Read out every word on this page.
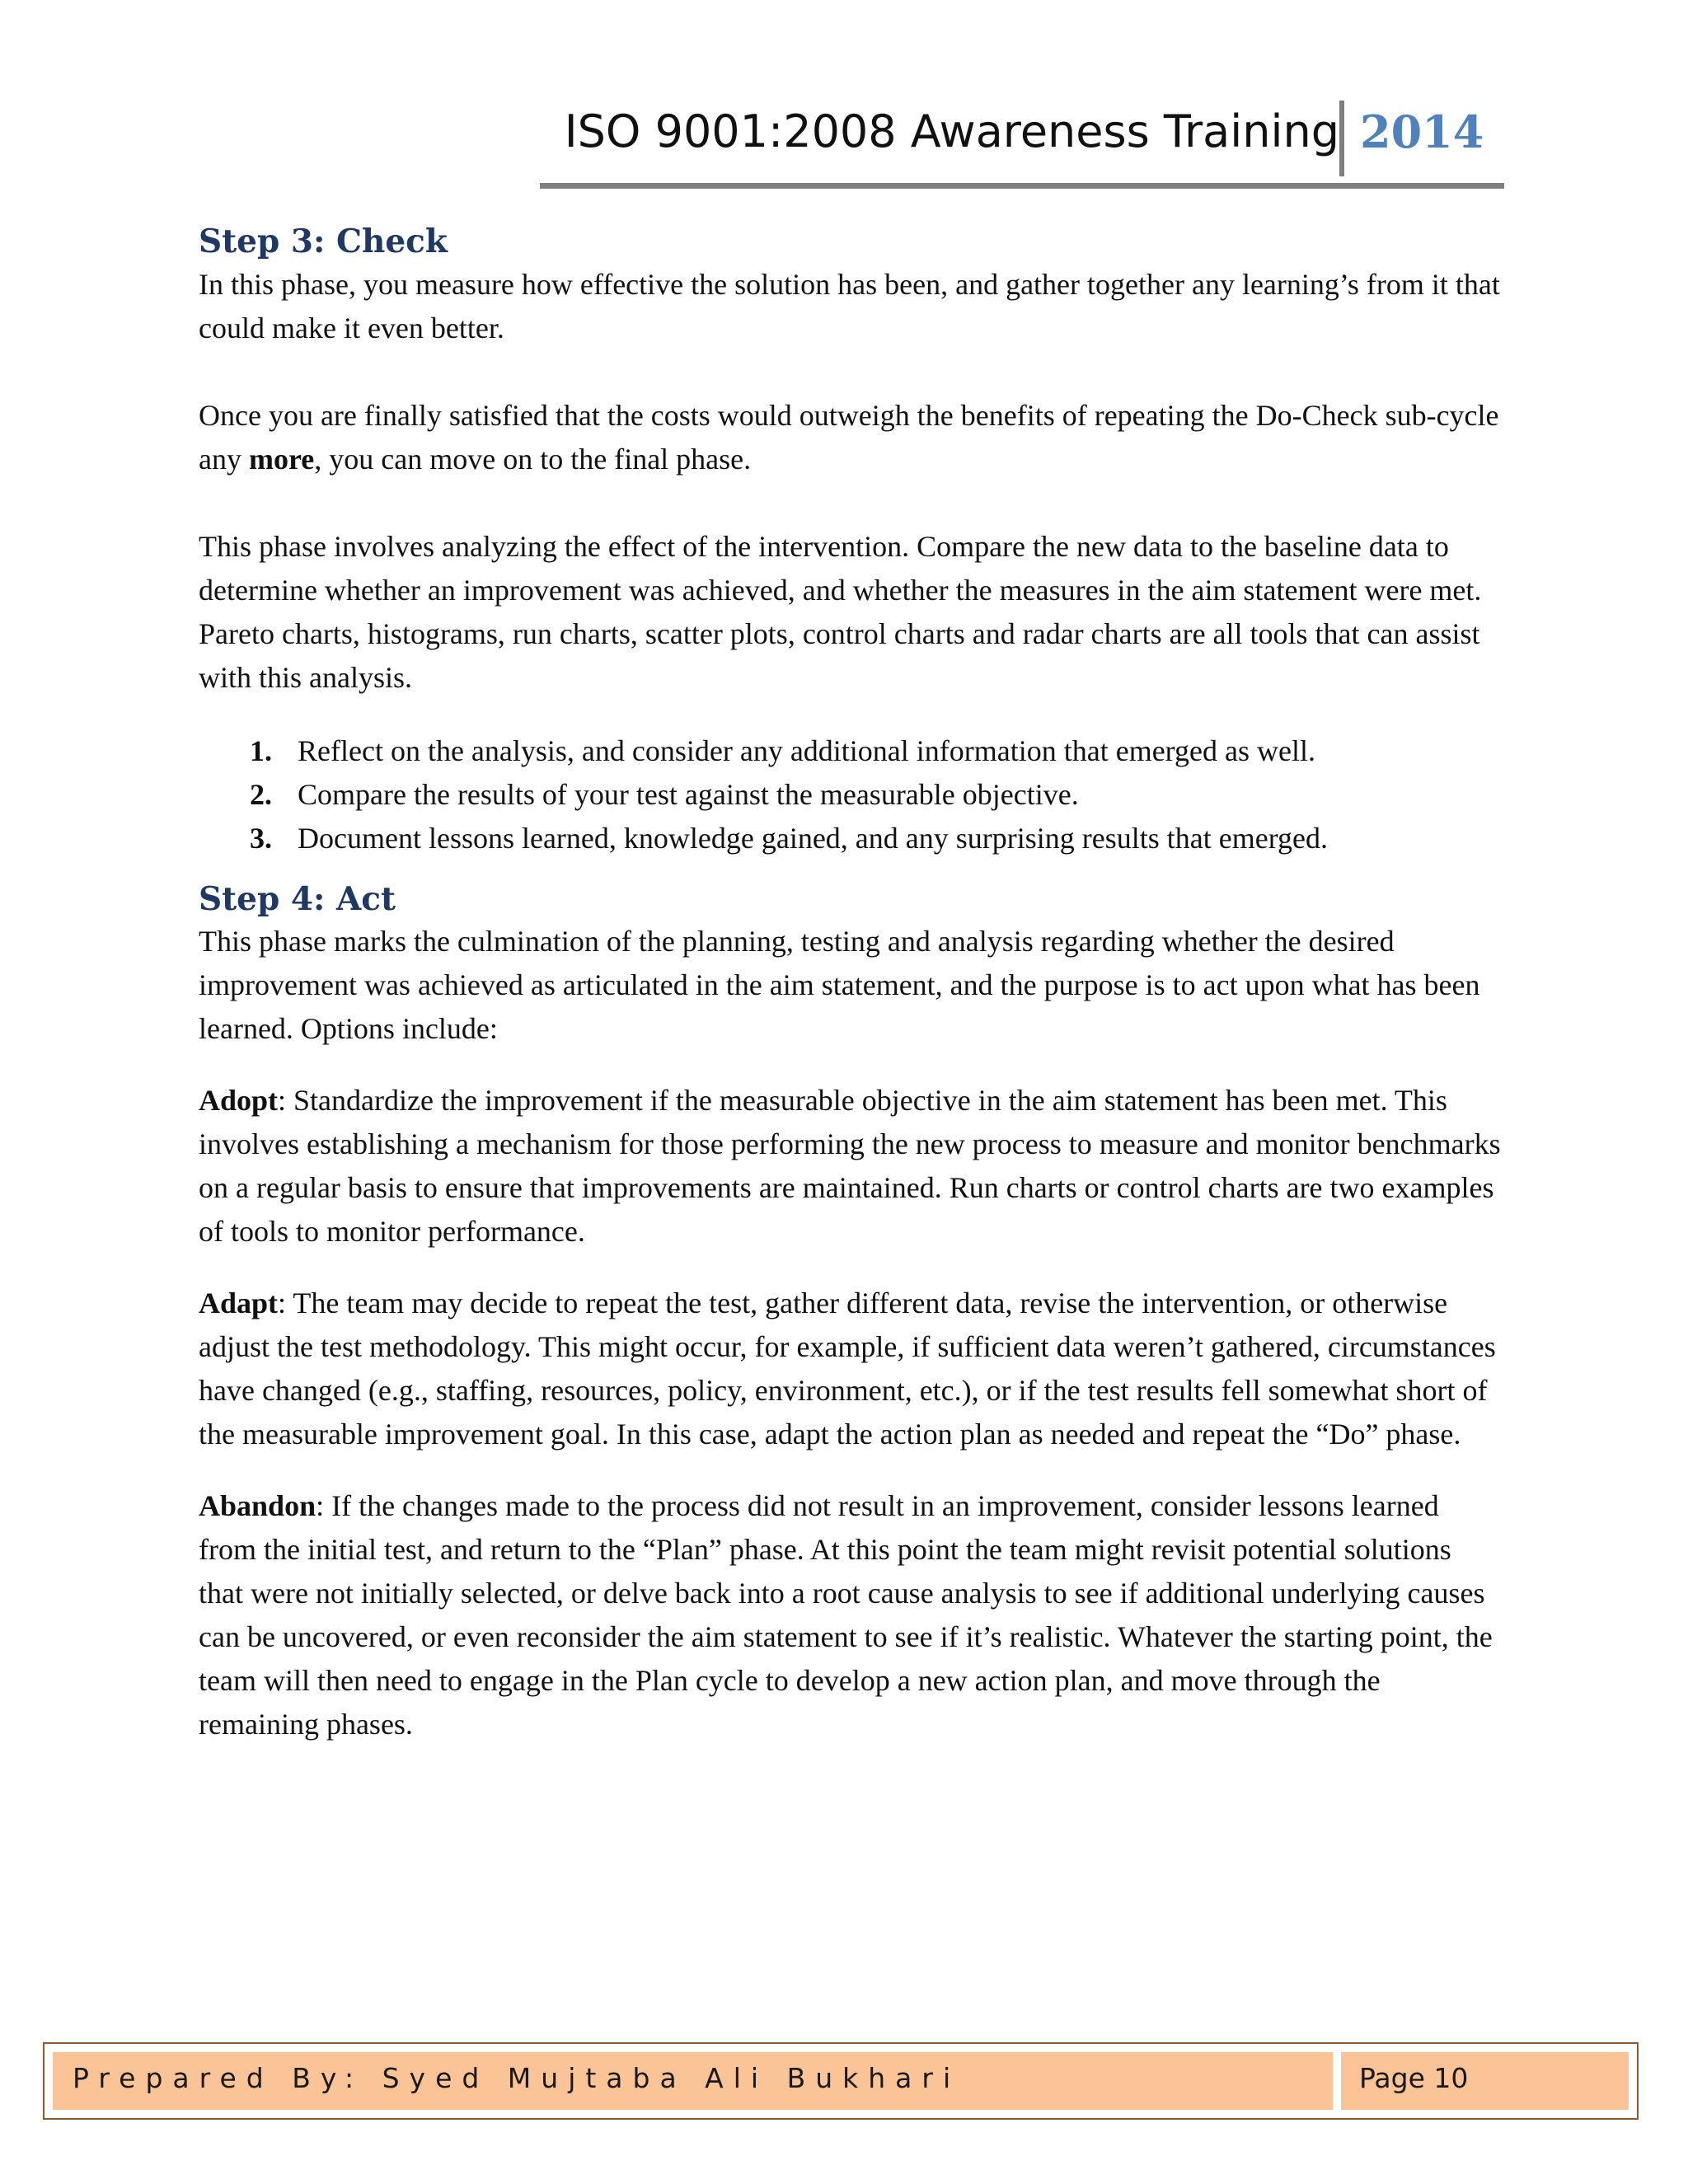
ISO 9001:2008 Awareness Training 2014
Step 3: Check

In this phase, you measure how effective the solution has been, and gather together any learning’s from it that could make it even better.

Once you are finally satisfied that the costs would outweigh the benefits of repeating the Do-Check sub-cycle any more, you can move on to the final phase.

This phase involves analyzing the effect of the intervention. Compare the new data to the baseline data to determine whether an improvement was achieved, and whether the measures in the aim statement were met. Pareto charts, histograms, run charts, scatter plots, control charts and radar charts are all tools that can assist with this analysis.

1. Reflect on the analysis, and consider any additional information that emerged as well.
2. Compare the results of your test against the measurable objective.
3. Document lessons learned, knowledge gained, and any surprising results that emerged.
Step 4: Act

This phase marks the culmination of the planning, testing and analysis regarding whether the desired improvement was achieved as articulated in the aim statement, and the purpose is to act upon what has been learned. Options include:

Adopt: Standardize the improvement if the measurable objective in the aim statement has been met. This involves establishing a mechanism for those performing the new process to measure and monitor benchmarks on a regular basis to ensure that improvements are maintained. Run charts or control charts are two examples of tools to monitor performance.

Adapt: The team may decide to repeat the test, gather different data, revise the intervention, or otherwise adjust the test methodology. This might occur, for example, if sufficient data weren’t gathered, circumstances have changed (e.g., staffing, resources, policy, environment, etc.), or if the test results fell somewhat short of the measurable improvement goal. In this case, adapt the action plan as needed and repeat the “Do” phase.

Abandon: If the changes made to the process did not result in an improvement, consider lessons learned from the initial test, and return to the “Plan” phase. At this point the team might revisit potential solutions that were not initially selected, or delve back into a root cause analysis to see if additional underlying causes can be uncovered, or even reconsider the aim statement to see if it’s realistic. Whatever the starting point, the team will then need to engage in the Plan cycle to develop a new action plan, and move through the remaining phases.

Prepared By: Syed Mujtaba Ali Bukhari	Page 10
